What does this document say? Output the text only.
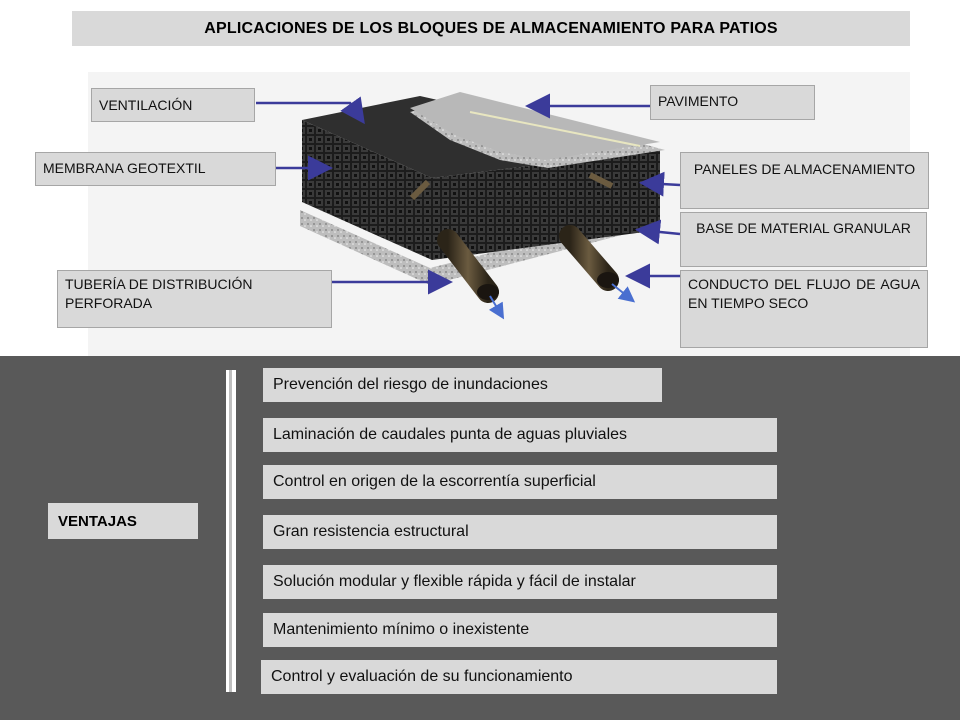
APLICACIONES DE LOS BLOQUES DE ALMACENAMIENTO PARA PATIOS
VENTILACIÓN
MEMBRANA GEOTEXTIL
TUBERÍA DE DISTRIBUCIÓN PERFORADA
PAVIMENTO
PANELES DE ALMACENAMIENTO
BASE DE MATERIAL GRANULAR
CONDUCTO DEL FLUJO DE AGUA EN TIEMPO SECO
VENTAJAS
Prevención del riesgo de inundaciones
Laminación de caudales punta de aguas pluviales
Control en origen de la escorrentía superficial
Gran resistencia estructural
Solución modular y flexible rápida y fácil de instalar
Mantenimiento mínimo o inexistente
Control y evaluación de su funcionamiento
